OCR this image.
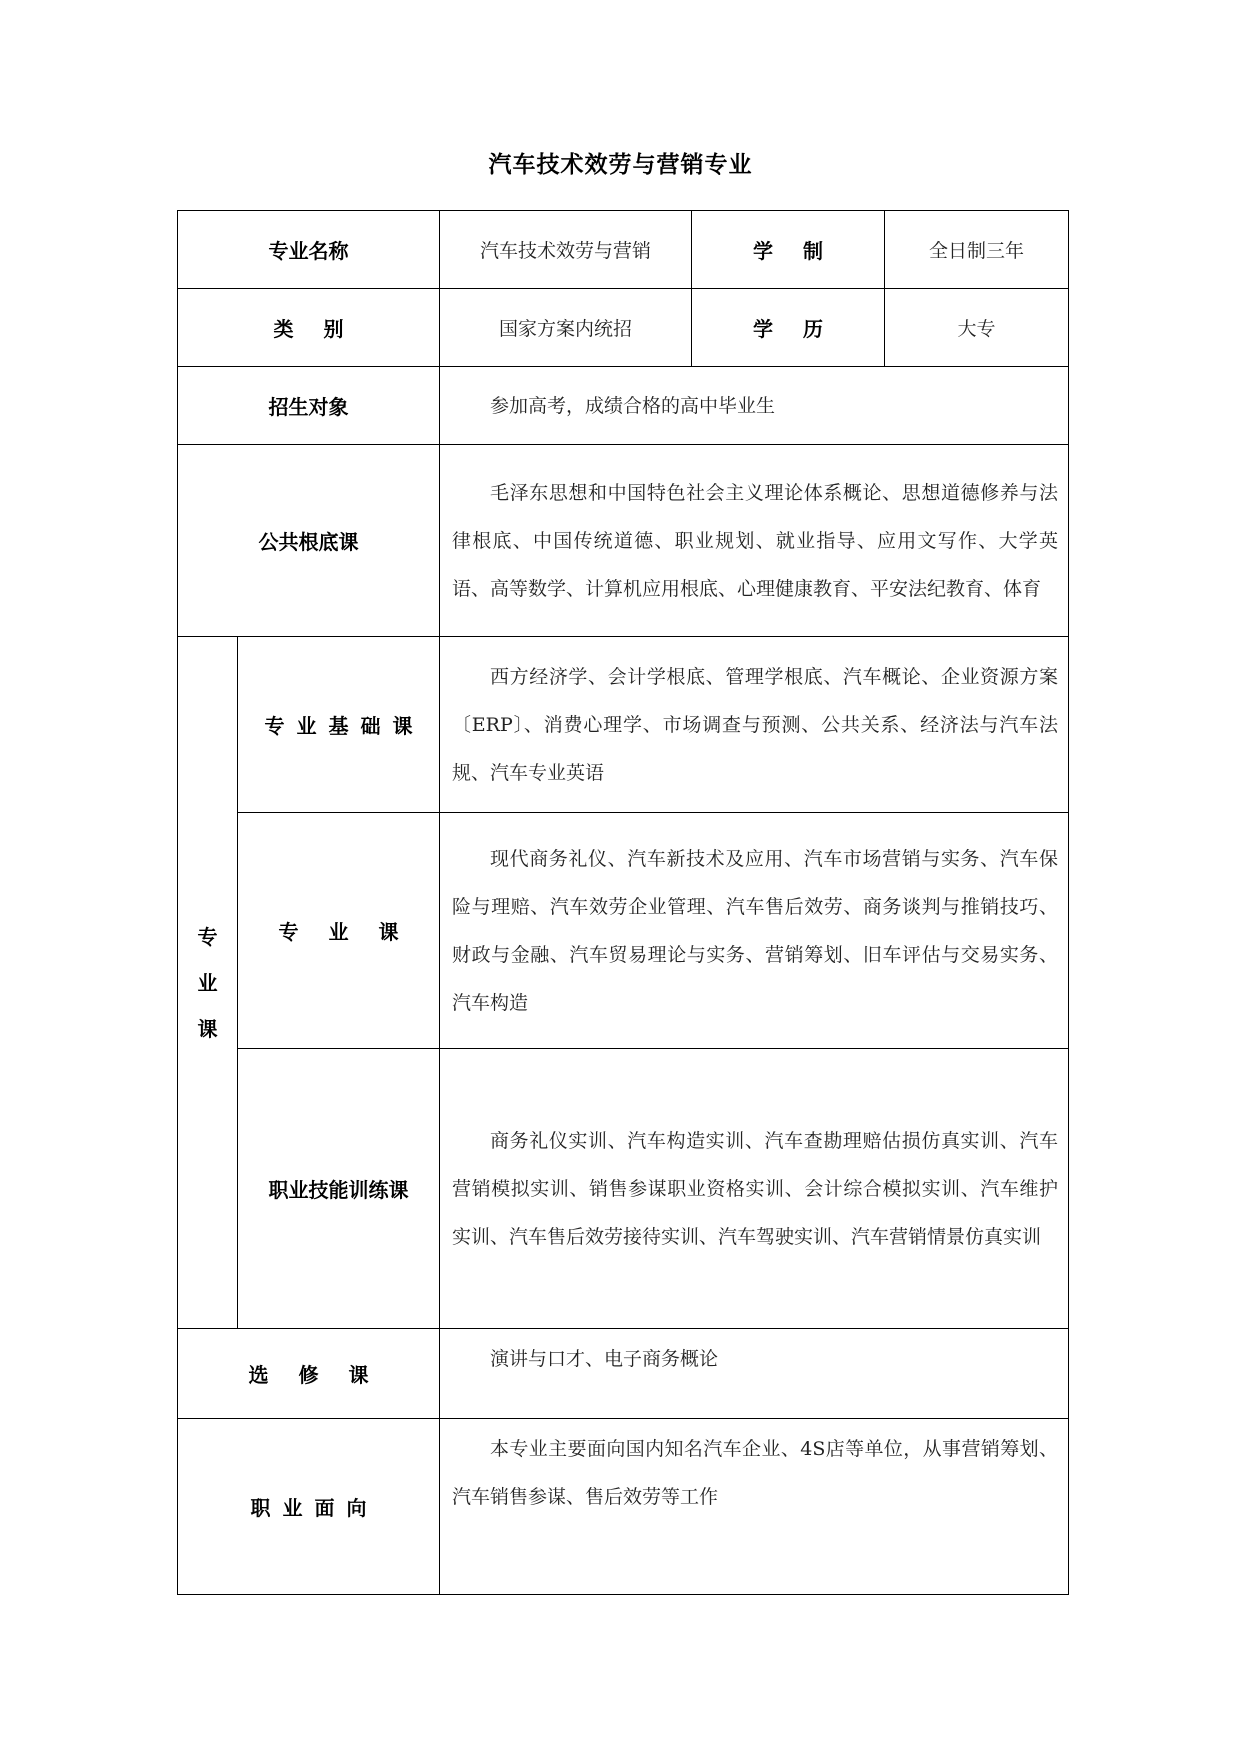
汽车技术效劳与营销专业
专业名称		汽车技术效劳与营销	学制	全日制三年
类别		国家方案内统招	学历	大专
招生对象		参加高考，成绩合格的高中毕业生		
公共根底课		毛泽东思想和中国特色社会主义理论体系概论、思想道德修养与法律根底、中国传统道德、职业规划、就业指导、应用文写作、大学英语、高等数学、计算机应用根底、心理健康教育、平安法纪教育、体育		

专业课	专业基础课	西方经济学、会计学根底、管理学根底、汽车概论、企业资源方案〔ERP〕、消费心理学、市场调查与预测、公共关系、经济法与汽车法规、汽车专业英语		
	专业课	现代商务礼仪、汽车新技术及应用、汽车市场营销与实务、汽车保险与理赔、汽车效劳企业管理、汽车售后效劳、商务谈判与推销技巧、财政与金融、汽车贸易理论与实务、营销筹划、旧车评估与交易实务、汽车构造		
	职业技能训练课	商务礼仪实训、汽车构造实训、汽车查勘理赔估损仿真实训、汽车营销模拟实训、销售参谋职业资格实训、会计综合模拟实训、汽车维护实训、汽车售后效劳接待实训、汽车驾驶实训、汽车营销情景仿真实训		
选修课		演讲与口才、电子商务概论		
职业面向		本专业主要面向国内知名汽车企业、4S店等单位，从事营销筹划、汽车销售参谋、售后效劳等工作		
